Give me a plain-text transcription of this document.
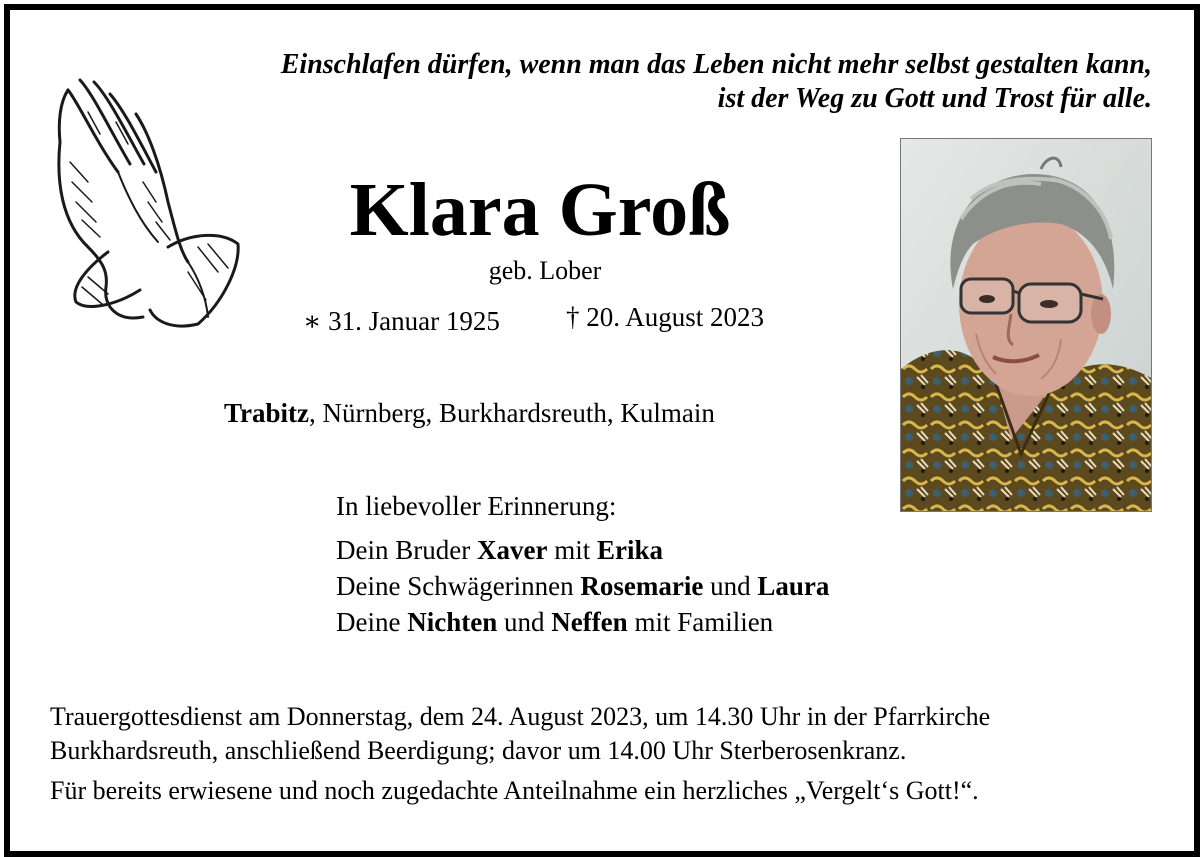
Einschlafen dürfen, wenn man das Leben nicht mehr selbst gestalten kann,
ist der Weg zu Gott und Trost für alle.
Klara Groß
geb. Lober
∗ 31. Januar 1925 † 20. August 2023
Trabitz, Nürnberg, Burkhardsreuth, Kulmain
In liebevoller Erinnerung:
Dein Bruder Xaver mit Erika
Deine Schwägerinnen Rosemarie und Laura
Deine Nichten und Neffen mit Familien
Trauergottesdienst am Donnerstag, dem 24. August 2023, um 14.30 Uhr in der Pfarrkirche
Burkhardsreuth, anschließend Beerdigung; davor um 14.00 Uhr Sterberosenkranz.
Für bereits erwiesene und noch zugedachte Anteilnahme ein herzliches „Vergelt‘s Gott!“.
